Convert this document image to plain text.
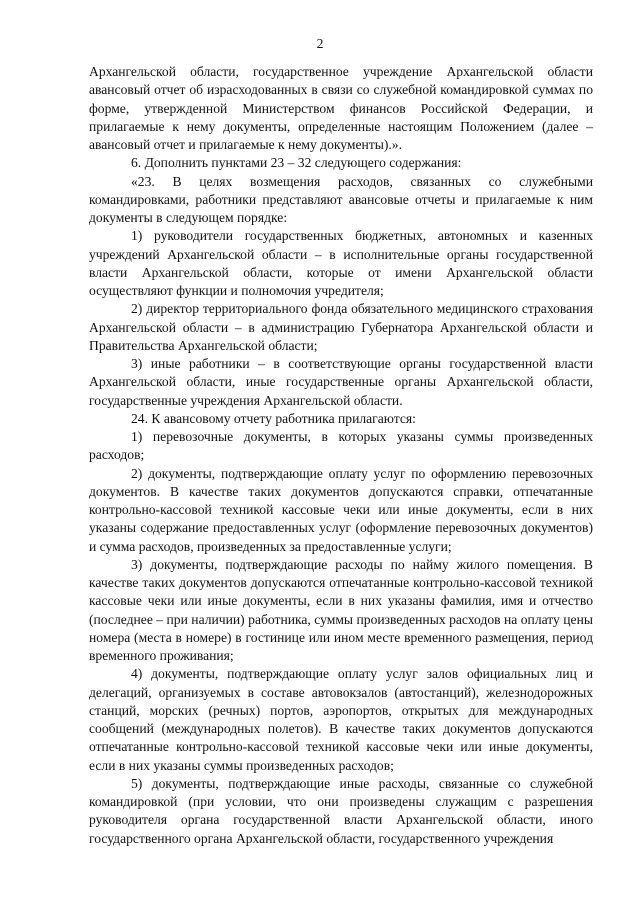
2

Архангельской области, государственное учреждение Архангельской области авансовый отчет об израсходованных в связи со служебной командировкой суммах по форме, утвержденной Министерством финансов Российской Федерации, и прилагаемые к нему документы, определенные настоящим Положением (далее – авансовый отчет и прилагаемые к нему документы).».

6. Дополнить пунктами 23 – 32 следующего содержания:

«23. В целях возмещения расходов, связанных со служебными командировками, работники представляют авансовые отчеты и прилагаемые к ним документы в следующем порядке:

1) руководители государственных бюджетных, автономных и казенных учреждений Архангельской области – в исполнительные органы государственной власти Архангельской области, которые от имени Архангельской области осуществляют функции и полномочия учредителя;

2) директор территориального фонда обязательного медицинского страхования Архангельской области – в администрацию Губернатора Архангельской области и Правительства Архангельской области;

3) иные работники – в соответствующие органы государственной власти Архангельской области, иные государственные органы Архангельской области, государственные учреждения Архангельской области.

24. К авансовому отчету работника прилагаются:

1) перевозочные документы, в которых указаны суммы произведенных расходов;

2) документы, подтверждающие оплату услуг по оформлению перевозочных документов. В качестве таких документов допускаются справки, отпечатанные контрольно-кассовой техникой кассовые чеки или иные документы, если в них указаны содержание предоставленных услуг (оформление перевозочных документов) и сумма расходов, произведенных за предоставленные услуги;

3) документы, подтверждающие расходы по найму жилого помещения. В качестве таких документов допускаются отпечатанные контрольно-кассовой техникой кассовые чеки или иные документы, если в них указаны фамилия, имя и отчество (последнее – при наличии) работника, суммы произведенных расходов на оплату цены номера (места в номере) в гостинице или ином месте временного размещения, период временного проживания;

4) документы, подтверждающие оплату услуг залов официальных лиц и делегаций, организуемых в составе автовокзалов (автостанций), железнодорожных станций, морских (речных) портов, аэропортов, открытых для международных сообщений (международных полетов). В качестве таких документов допускаются отпечатанные контрольно-кассовой техникой кассовые чеки или иные документы, если в них указаны суммы произведенных расходов;

5) документы, подтверждающие иные расходы, связанные со служебной командировкой (при условии, что они произведены служащим с разрешения руководителя органа государственной власти Архангельской области, иного государственного органа Архангельской области, государственного учреждения
